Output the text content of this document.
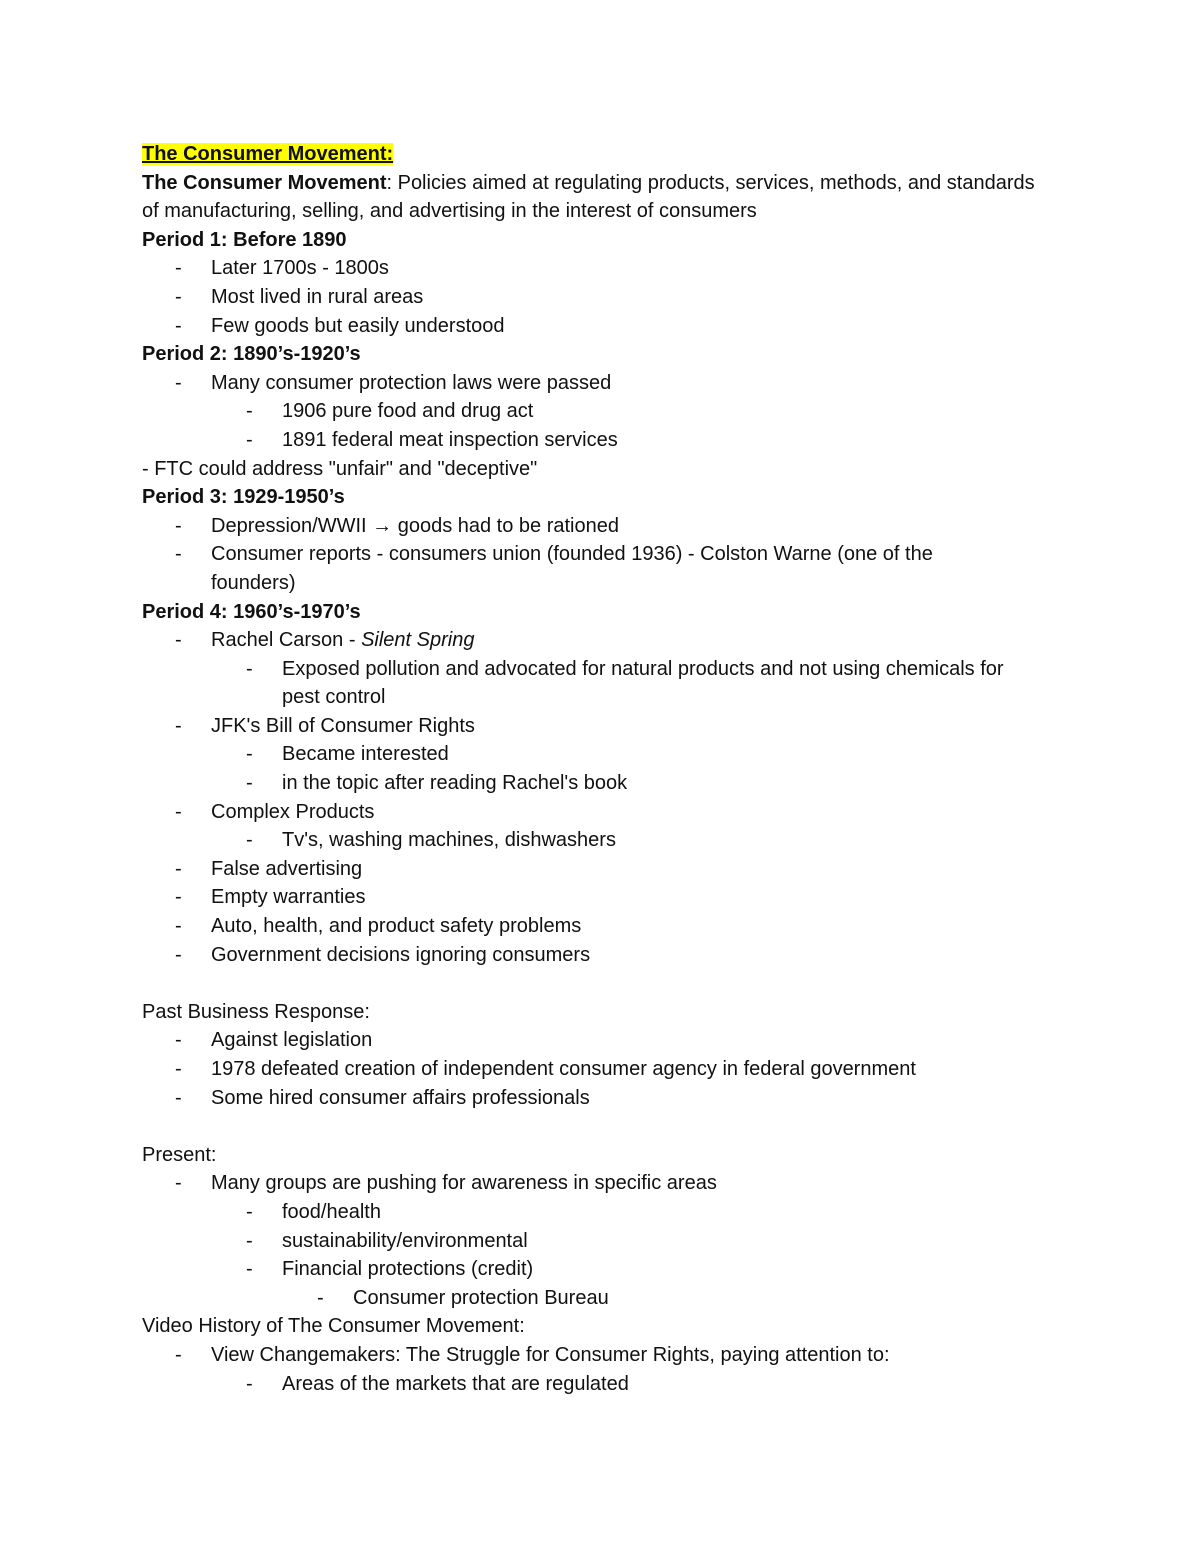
The Consumer Movement:
The Consumer Movement: Policies aimed at regulating products, services, methods, and standards of manufacturing, selling, and advertising in the interest of consumers
Period 1: Before 1890
- Later 1700s - 1800s
- Most lived in rural areas
- Few goods but easily understood
Period 2: 1890’s-1920’s
- Many consumer protection laws were passed
- 1906 pure food and drug act
- 1891 federal meat inspection services
- FTC could address "unfair" and "deceptive"
Period 3: 1929-1950’s
- Depression/WWII → goods had to be rationed
- Consumer reports - consumers union (founded 1936) - Colston Warne (one of the founders)
Period 4: 1960’s-1970’s
- Rachel Carson - Silent Spring
- Exposed pollution and advocated for natural products and not using chemicals for pest control
- JFK's Bill of Consumer Rights
- Became interested
- in the topic after reading Rachel's book
- Complex Products
- Tv's, washing machines, dishwashers
- False advertising
- Empty warranties
- Auto, health, and product safety problems
- Government decisions ignoring consumers
Past Business Response:
- Against legislation
- 1978 defeated creation of independent consumer agency in federal government
- Some hired consumer affairs professionals
Present:
- Many groups are pushing for awareness in specific areas
- food/health
- sustainability/environmental
- Financial protections (credit)
- Consumer protection Bureau
Video History of The Consumer Movement:
- View Changemakers: The Struggle for Consumer Rights, paying attention to:
- Areas of the markets that are regulated
